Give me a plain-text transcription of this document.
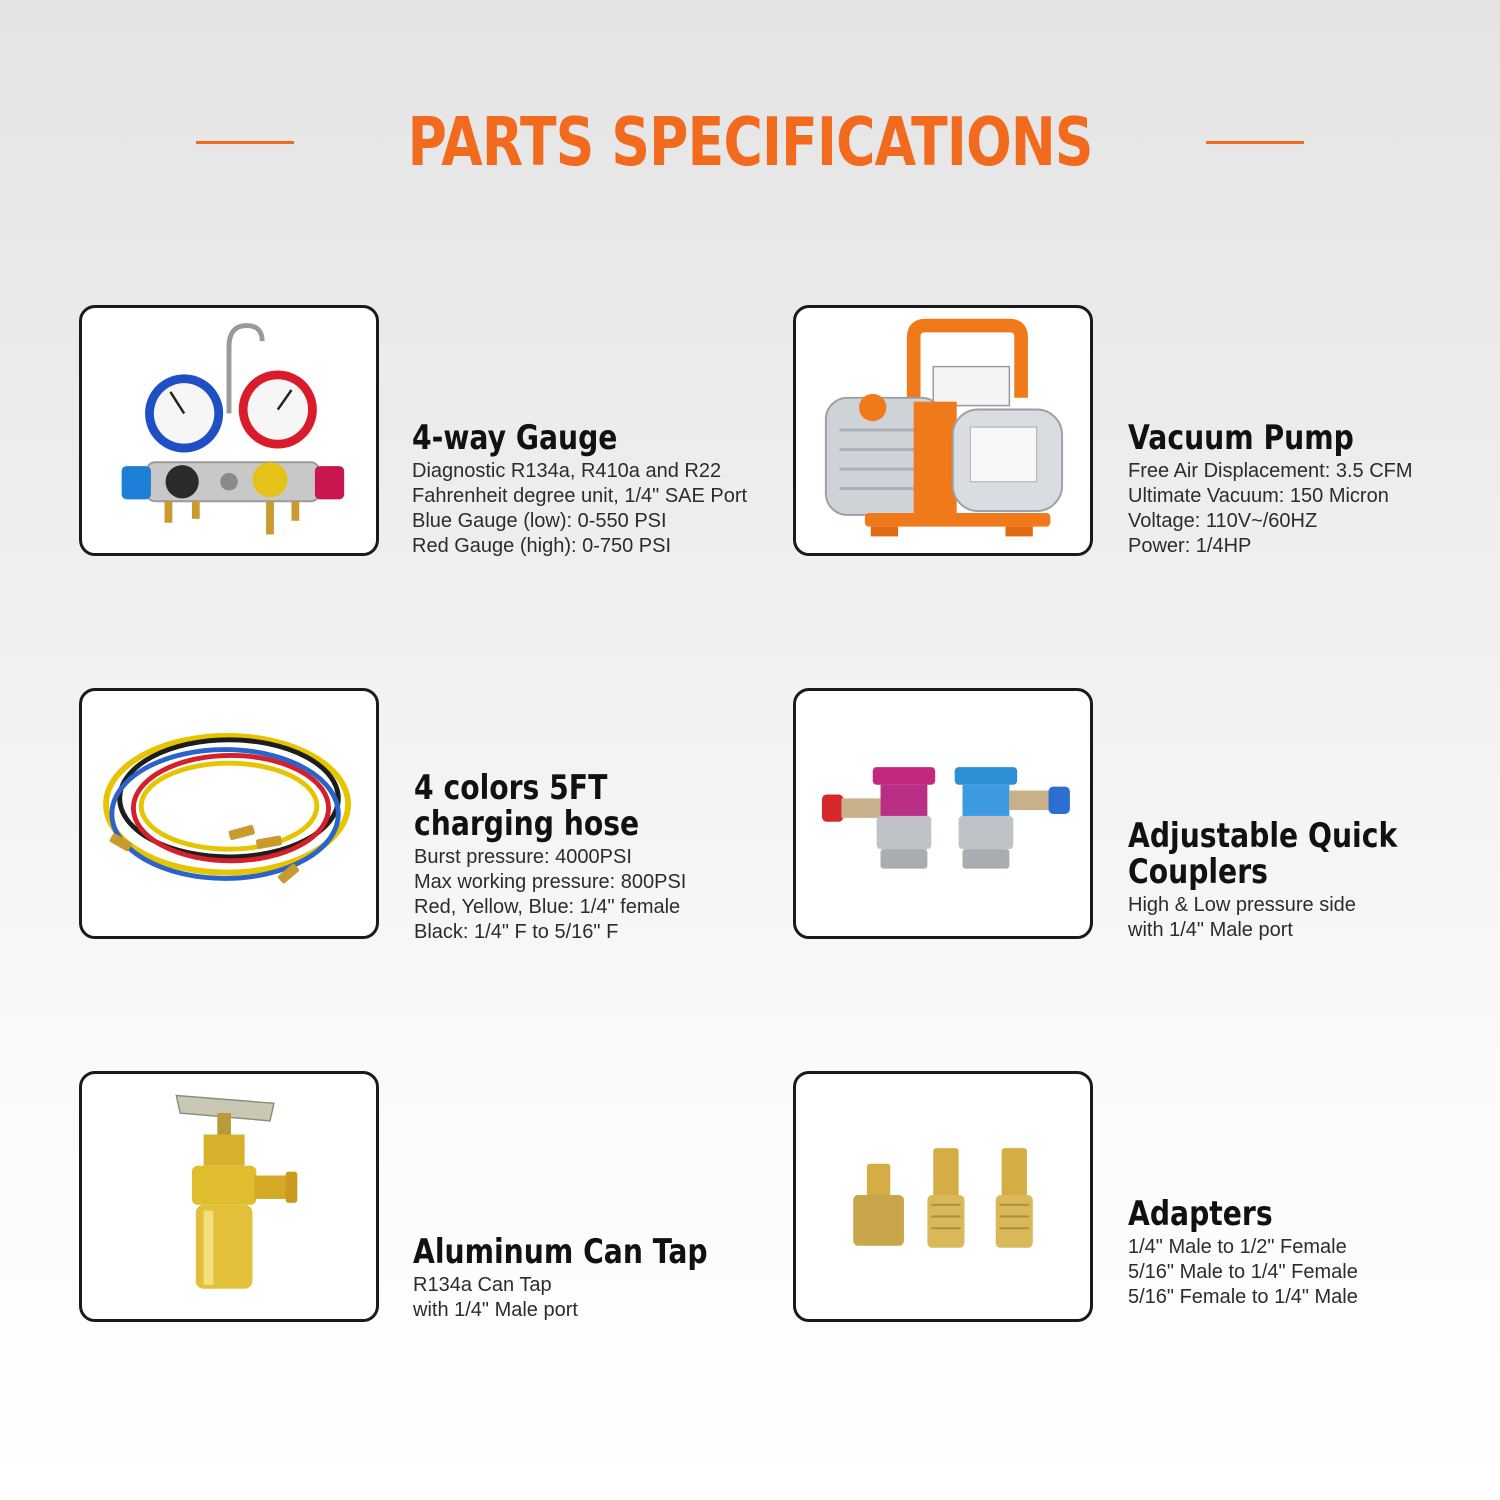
PARTS SPECIFICATIONS
4-way Gauge

Diagnostic R134a, R410a and R22

Fahrenheit degree unit, 1/4" SAE Port

Blue Gauge (low): 0-550 PSI

Red Gauge (high): 0-750 PSI

Vacuum Pump

Free Air Displacement: 3.5 CFM

Ultimate Vacuum: 150 Micron

Voltage: 110V~/60HZ

Power: 1/4HP

4 colors 5FT
charging hose

Burst pressure: 4000PSI

Max working pressure: 800PSI

Red, Yellow, Blue: 1/4" female

Black: 1/4" F to 5/16" F

Adjustable Quick
Couplers

High & Low pressure side

with 1/4" Male port

Aluminum Can Tap

R134a Can Tap

with 1/4" Male port

Adapters

1/4" Male to 1/2" Female

5/16" Male to 1/4" Female

5/16" Female to 1/4" Male
